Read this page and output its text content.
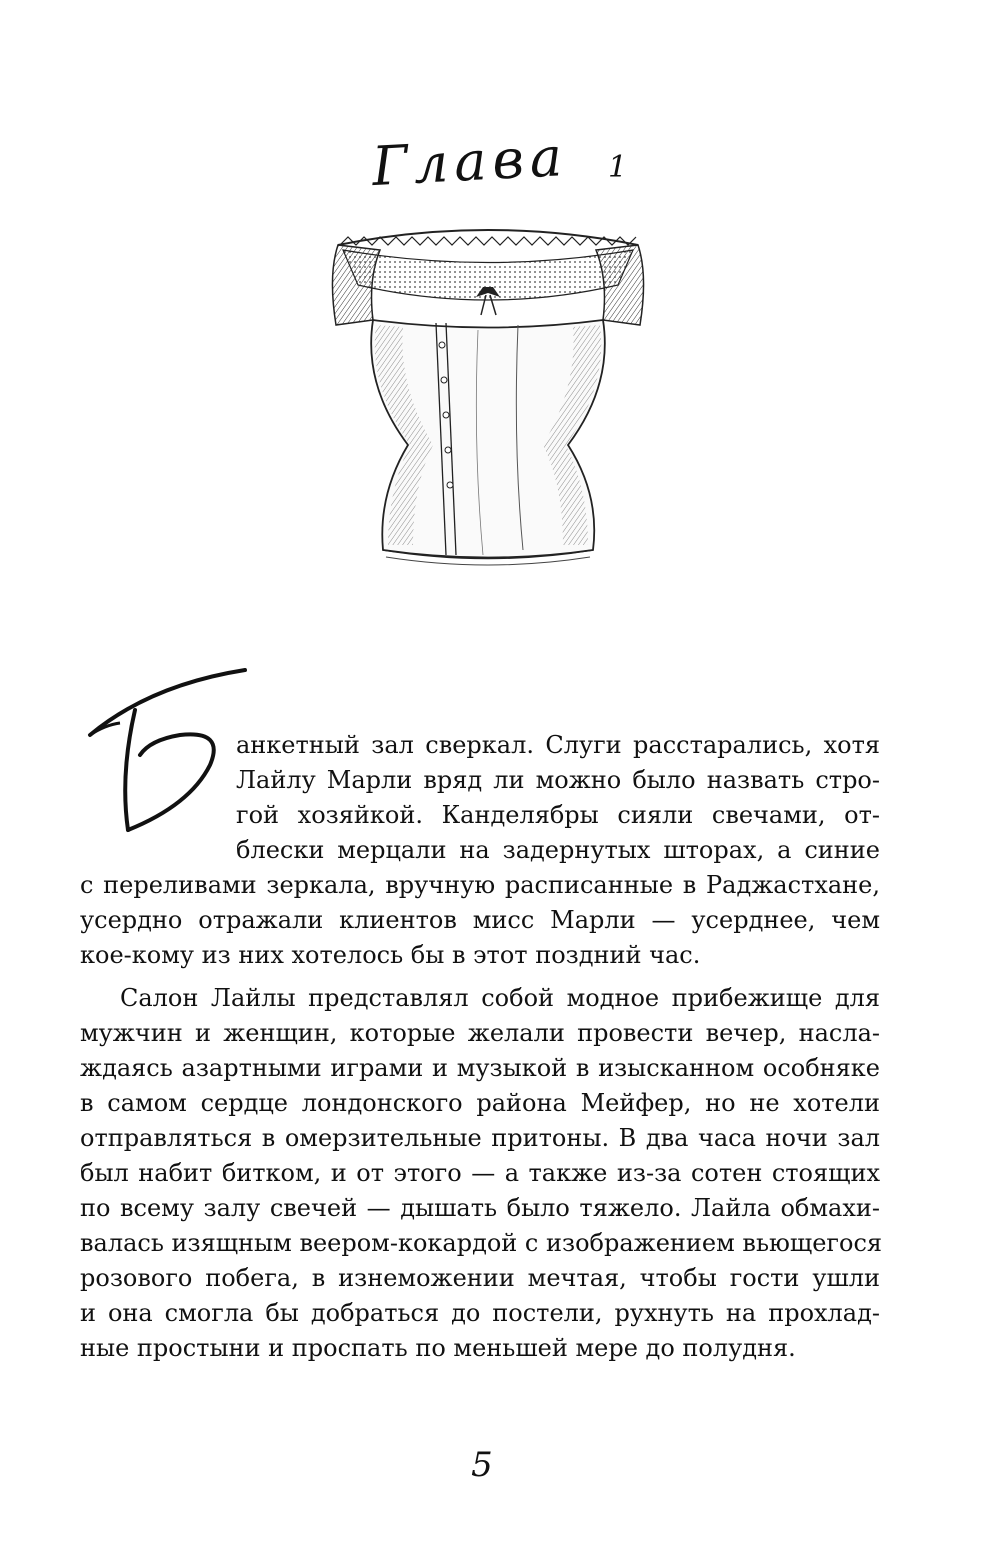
Глава 1
анкетный зал сверкал. Слуги расстарались, хотя
Лайлу Марли вряд ли можно было назвать стро-
гой хозяйкой. Канделябры сияли свечами, от-
блески мерцали на задернутых шторах, а синие
с переливами зеркала, вручную расписанные в Раджастхане,
усердно отражали клиентов мисс Марли — усерднее, чем
кое-кому из них хотелось бы в этот поздний час.
Салон Лайлы представлял собой модное прибежище для
мужчин и женщин, которые желали провести вечер, насла-
ждаясь азартными играми и музыкой в изысканном особняке
в самом сердце лондонского района Мейфер, но не хотели
отправляться в омерзительные притоны. В два часа ночи зал
был набит битком, и от этого — а также из-за сотен стоящих
по всему залу свечей — дышать было тяжело. Лайла обмахи-
валась изящным веером-кокардой с изображением вьющегося
розового побега, в изнеможении мечтая, чтобы гости ушли
и она смогла бы добраться до постели, рухнуть на прохлад-
ные простыни и проспать по меньшей мере до полудня.
5
